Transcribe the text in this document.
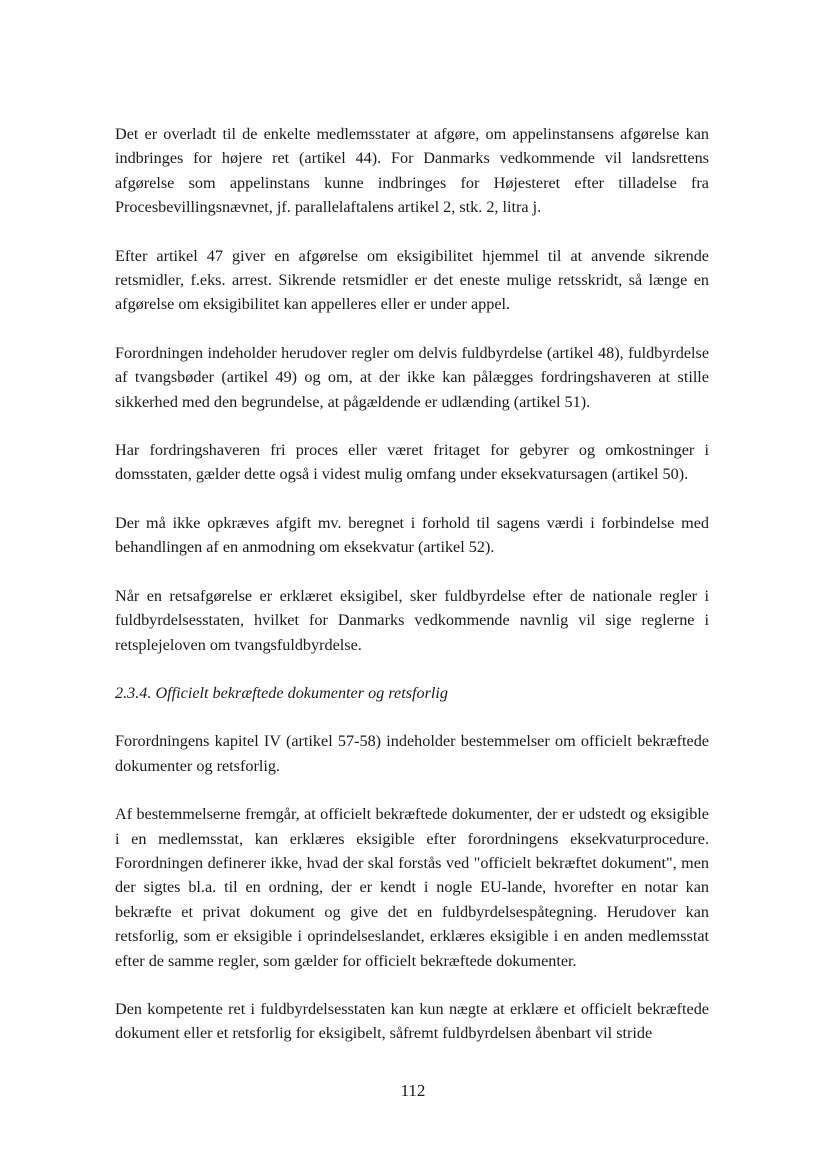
Det er overladt til de enkelte medlemsstater at afgøre, om appelinstansens afgørelse kan indbringes for højere ret (artikel 44). For Danmarks vedkommende vil landsrettens afgørelse som appelinstans kunne indbringes for Højesteret efter tilladelse fra Procesbevillingsnævnet, jf. parallelaftalens artikel 2, stk. 2, litra j.

Efter artikel 47 giver en afgørelse om eksigibilitet hjemmel til at anvende sikrende retsmidler, f.eks. arrest. Sikrende retsmidler er det eneste mulige retsskridt, så længe en afgørelse om eksigibilitet kan appelleres eller er under appel.

Forordningen indeholder herudover regler om delvis fuldbyrdelse (artikel 48), fuldbyrdelse af tvangsbøder (artikel 49) og om, at der ikke kan pålægges fordringshaveren at stille sikkerhed med den begrundelse, at pågældende er udlænding (artikel 51).

Har fordringshaveren fri proces eller været fritaget for gebyrer og omkostninger i domsstaten, gælder dette også i videst mulig omfang under eksekvatursagen (artikel 50).

Der må ikke opkræves afgift mv. beregnet i forhold til sagens værdi i forbindelse med behandlingen af en anmodning om eksekvatur (artikel 52).

Når en retsafgørelse er erklæret eksigibel, sker fuldbyrdelse efter de nationale regler i fuldbyrdelsesstaten, hvilket for Danmarks vedkommende navnlig vil sige reglerne i retsplejeloven om tvangsfuldbyrdelse.

2.3.4. Officielt bekræftede dokumenter og retsforlig

Forordningens kapitel IV (artikel 57-58) indeholder bestemmelser om officielt bekræftede dokumenter og retsforlig.

Af bestemmelserne fremgår, at officielt bekræftede dokumenter, der er udstedt og eksigible i en medlemsstat, kan erklæres eksigible efter forordningens eksekvaturprocedure. Forordningen definerer ikke, hvad der skal forstås ved "officielt bekræftet dokument", men der sigtes bl.a. til en ordning, der er kendt i nogle EU-lande, hvorefter en notar kan bekræfte et privat dokument og give det en fuldbyrdelsespåtegning. Herudover kan retsforlig, som er eksigible i oprindelseslandet, erklæres eksigible i en anden medlemsstat efter de samme regler, som gælder for officielt bekræftede dokumenter.

Den kompetente ret i fuldbyrdelsesstaten kan kun nægte at erklære et officielt bekræftede dokument eller et retsforlig for eksigibelt, såfremt fuldbyrdelsen åbenbart vil stride

112
